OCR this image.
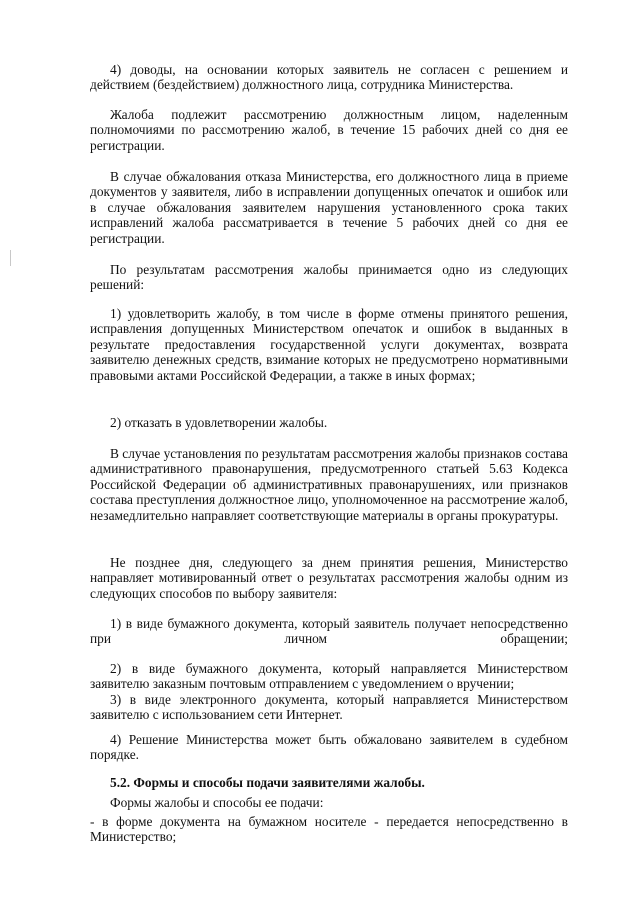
4) доводы, на основании которых заявитель не согласен с решением и действием (бездействием) должностного лица, сотрудника Министерства.

Жалоба подлежит рассмотрению должностным лицом, наделенным полномочиями по рассмотрению жалоб, в течение 15 рабочих дней со дня ее регистрации.

В случае обжалования отказа Министерства, его должностного лица в приеме документов у заявителя, либо в исправлении допущенных опечаток и ошибок или в случае обжалования заявителем нарушения установленного срока таких исправлений жалоба рассматривается в течение 5 рабочих дней со дня ее регистрации.

По результатам рассмотрения жалобы принимается одно из следующих решений:

1) удовлетворить жалобу, в том числе в форме отмены принятого решения, исправления допущенных Министерством опечаток и ошибок в выданных в результате предоставления государственной услуги документах, возврата заявителю денежных средств, взимание которых не предусмотрено нормативными правовыми актами Российской Федерации, а также в иных формах;

2) отказать в удовлетворении жалобы.

В случае установления по результатам рассмотрения жалобы признаков состава административного правонарушения, предусмотренного статьей 5.63 Кодекса Российской Федерации об административных правонарушениях, или признаков состава преступления должностное лицо, уполномоченное на рассмотрение жалоб, незамедлительно направляет соответствующие материалы в органы прокуратуры.

Не позднее дня, следующего за днем принятия решения, Министерство направляет мотивированный ответ о результатах рассмотрения жалобы одним из следующих способов по выбору заявителя:

1) в виде бумажного документа, который заявитель получает непосредственно при личном обращении;

2) в виде бумажного документа, который направляется Министерством заявителю заказным почтовым отправлением с уведомлением о вручении;

3) в виде электронного документа, который направляется Министерством заявителю с использованием сети Интернет.

4) Решение Министерства может быть обжаловано заявителем в судебном порядке.

5.2. Формы и способы подачи заявителями жалобы.

Формы жалобы и способы ее подачи:

- в форме документа на бумажном носителе - передается непосредственно в Министерство;
